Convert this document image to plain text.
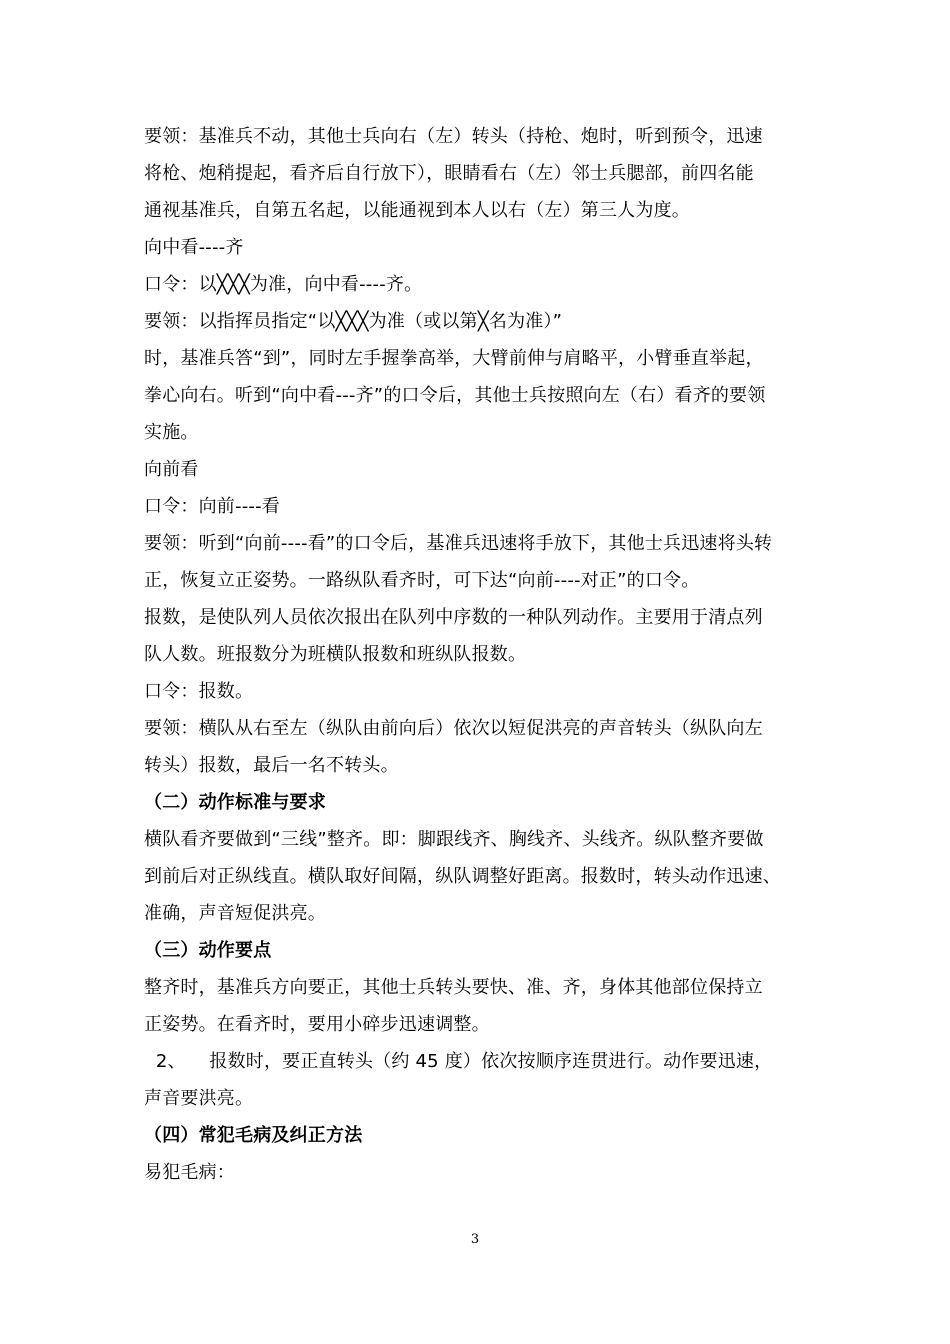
要领：基准兵不动，其他士兵向右（左）转头（持枪、炮时，听到预令，迅速
将枪、炮稍提起，看齐后自行放下），眼睛看右（左）邻士兵腮部，前四名能
通视基准兵，自第五名起，以能通视到本人以右（左）第三人为度。
向中看----齐
口令：以╳╳╳为准，向中看----齐。
要领：以指挥员指定“以╳╳╳为准（或以第╳名为准）”
时，基准兵答“到”，同时左手握拳高举，大臂前伸与肩略平，小臂垂直举起，
拳心向右。听到“向中看---齐”的口令后，其他士兵按照向左（右）看齐的要领
实施。
向前看
口令：向前----看
要领：听到“向前----看”的口令后，基准兵迅速将手放下，其他士兵迅速将头转
正，恢复立正姿势。一路纵队看齐时，可下达“向前----对正”的口令。
报数，是使队列人员依次报出在队列中序数的一种队列动作。主要用于清点列
队人数。班报数分为班横队报数和班纵队报数。
口令：报数。
要领：横队从右至左（纵队由前向后）依次以短促洪亮的声音转头（纵队向左
转头）报数，最后一名不转头。
（二）动作标准与要求
横队看齐要做到“三线”整齐。即：脚跟线齐、胸线齐、头线齐。纵队整齐要做
到前后对正纵线直。横队取好间隔，纵队调整好距离。报数时，转头动作迅速、
准确，声音短促洪亮。
（三）动作要点
整齐时，基准兵方向要正，其他士兵转头要快、准、齐，身体其他部位保持立
正姿势。在看齐时，要用小碎步迅速调整。
2、    报数时，要正直转头（约 45 度）依次按顺序连贯进行。动作要迅速，
声音要洪亮。
（四）常犯毛病及纠正方法
易犯毛病：
3
